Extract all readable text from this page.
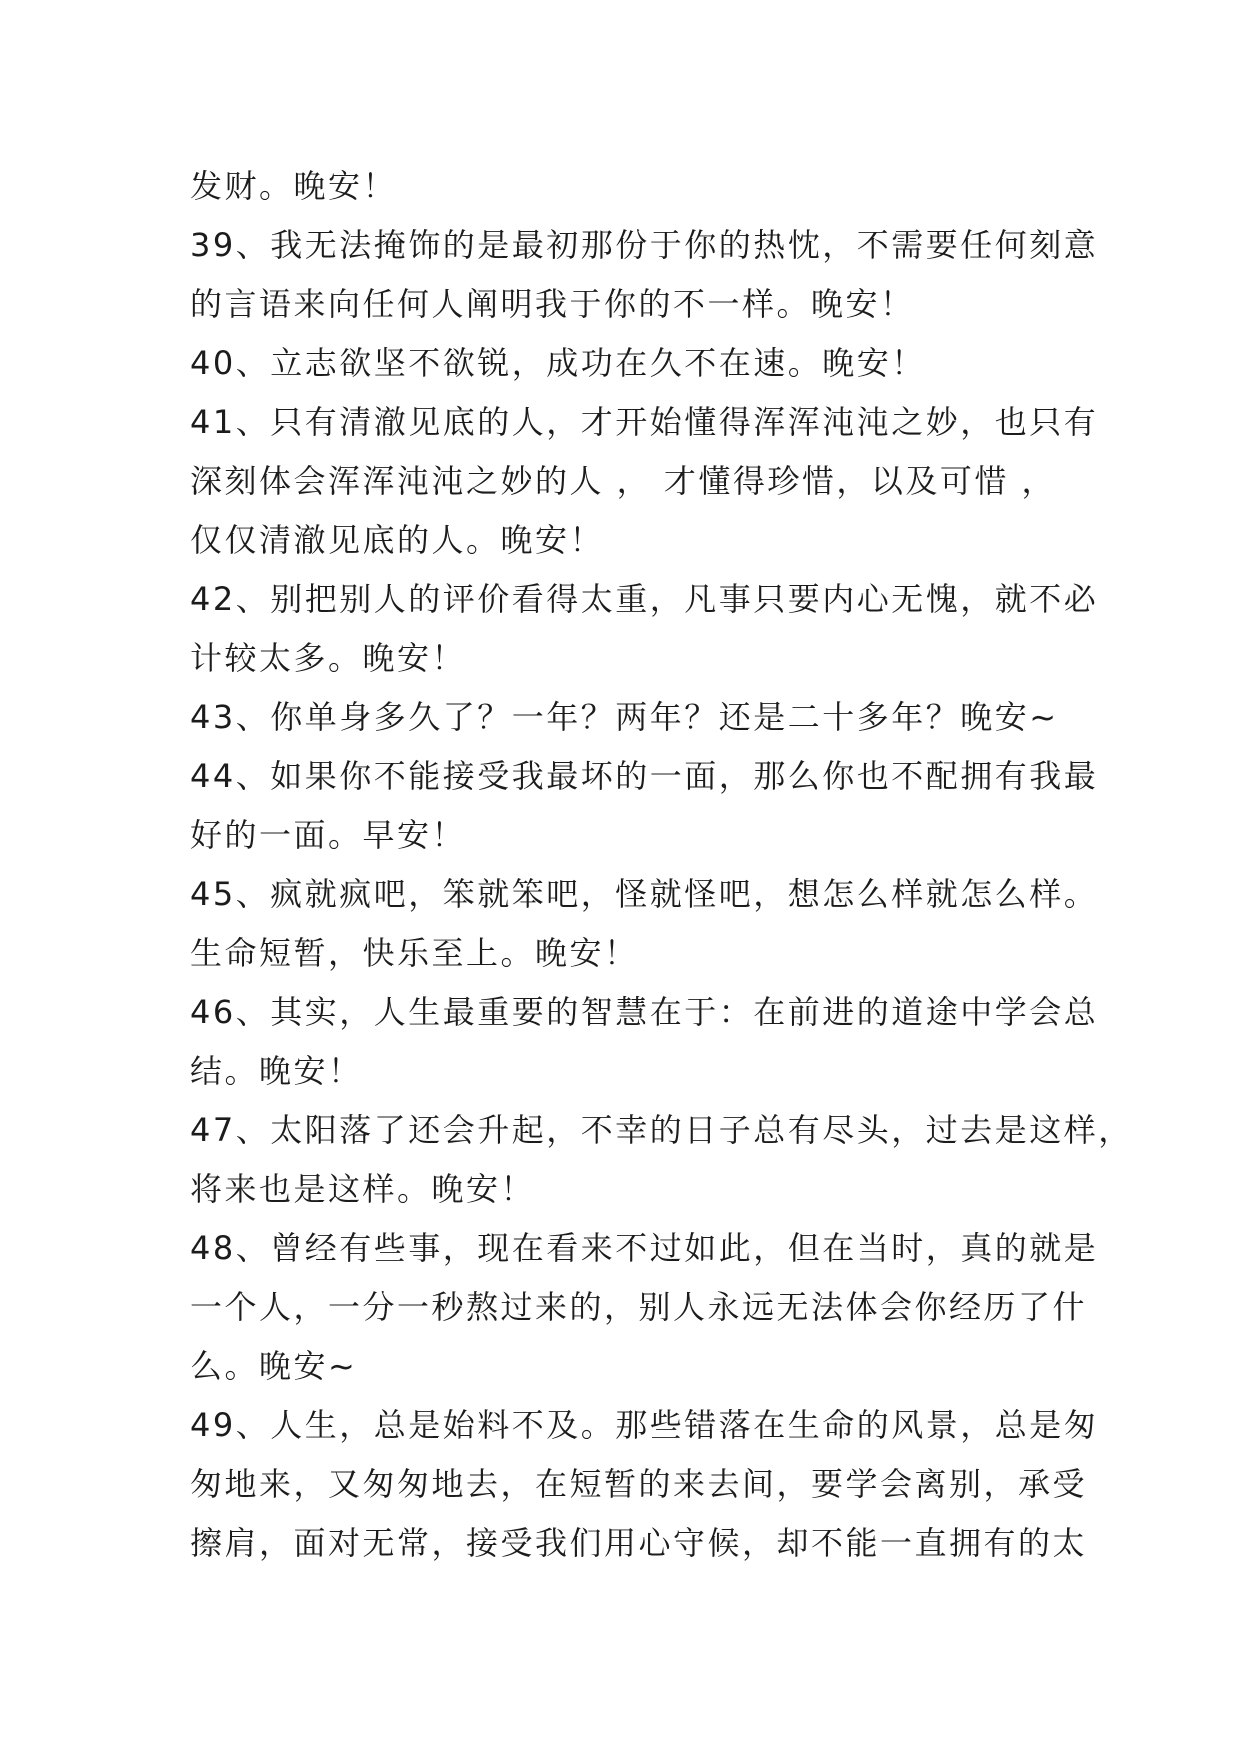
发财。晚安！
39、我无法掩饰的是最初那份于你的热忱，不需要任何刻意
的言语来向任何人阐明我于你的不一样。晚安！
40、立志欲坚不欲锐，成功在久不在速。晚安！
41、只有清澈见底的人，才开始懂得浑浑沌沌之妙，也只有
深刻体会浑浑沌沌之妙的人 ， 才懂得珍惜，以及可惜 ，
仅仅清澈见底的人。晚安！
42、别把别人的评价看得太重，凡事只要内心无愧，就不必
计较太多。晚安！
43、你单身多久了？一年？两年？还是二十多年？晚安~
44、如果你不能接受我最坏的一面，那么你也不配拥有我最
好的一面。早安！
45、疯就疯吧，笨就笨吧，怪就怪吧，想怎么样就怎么样。
生命短暂，快乐至上。晚安！
46、其实，人生最重要的智慧在于：在前进的道途中学会总
结。晚安！
47、太阳落了还会升起，不幸的日子总有尽头，过去是这样，
将来也是这样。晚安！
48、曾经有些事，现在看来不过如此，但在当时，真的就是
一个人，一分一秒熬过来的，别人永远无法体会你经历了什
么。晚安~
49、人生，总是始料不及。那些错落在生命的风景，总是匆
匆地来，又匆匆地去，在短暂的来去间，要学会离别，承受
擦肩，面对无常，接受我们用心守候，却不能一直拥有的太
